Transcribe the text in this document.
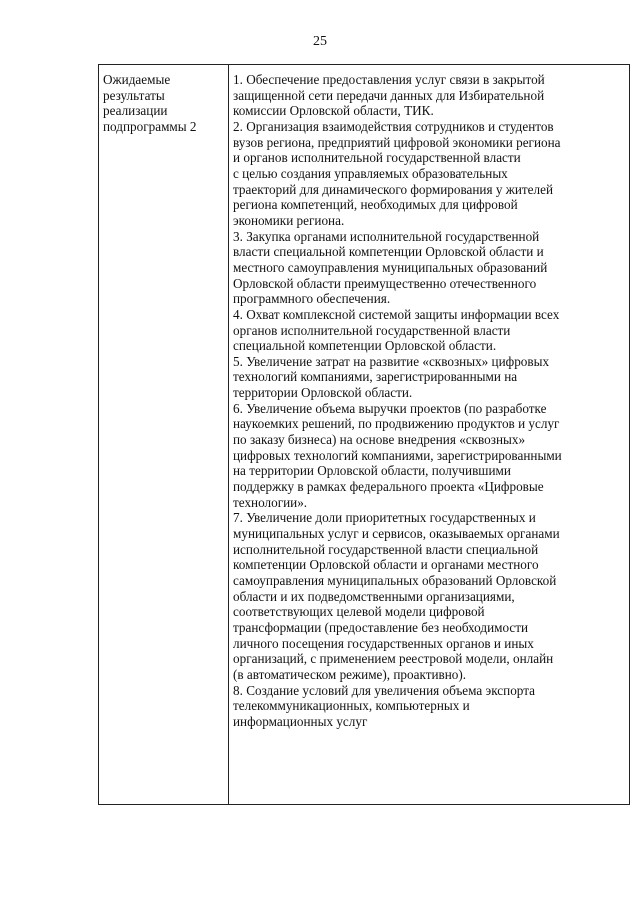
25
Ожидаемые
результаты
реализации
подпрограммы 2

1. Обеспечение предоставления услуг связи в закрытой
защищенной сети передачи данных для Избирательной
комиссии Орловской области, ТИК.
2. Организация взаимодействия сотрудников и студентов
вузов региона, предприятий цифровой экономики региона
и органов исполнительной государственной власти
с целью создания управляемых образовательных
траекторий для динамического формирования у жителей
региона компетенций, необходимых для цифровой
экономики региона.
3. Закупка органами исполнительной государственной
власти специальной компетенции Орловской области и
местного самоуправления муниципальных образований
Орловской области преимущественно отечественного
программного обеспечения.
4. Охват комплексной системой защиты информации всех
органов исполнительной государственной власти
специальной компетенции Орловской области.
5. Увеличение затрат на развитие «сквозных» цифровых
технологий компаниями, зарегистрированными на
территории Орловской области.
6. Увеличение объема выручки проектов (по разработке
наукоемких решений, по продвижению продуктов и услуг
по заказу бизнеса) на основе внедрения «сквозных»
цифровых технологий компаниями, зарегистрированными
на территории Орловской области, получившими
поддержку в рамках федерального проекта «Цифровые
технологии».
7. Увеличение доли приоритетных государственных и
муниципальных услуг и сервисов, оказываемых органами
исполнительной государственной власти специальной
компетенции Орловской области и органами местного
самоуправления муниципальных образований Орловской
области и их подведомственными организациями,
соответствующих целевой модели цифровой
трансформации (предоставление без необходимости
личного посещения государственных органов и иных
организаций, с применением реестровой модели, онлайн
(в автоматическом режиме), проактивно).
8. Создание условий для увеличения объема экспорта
телекоммуникационных, компьютерных и
информационных услуг
